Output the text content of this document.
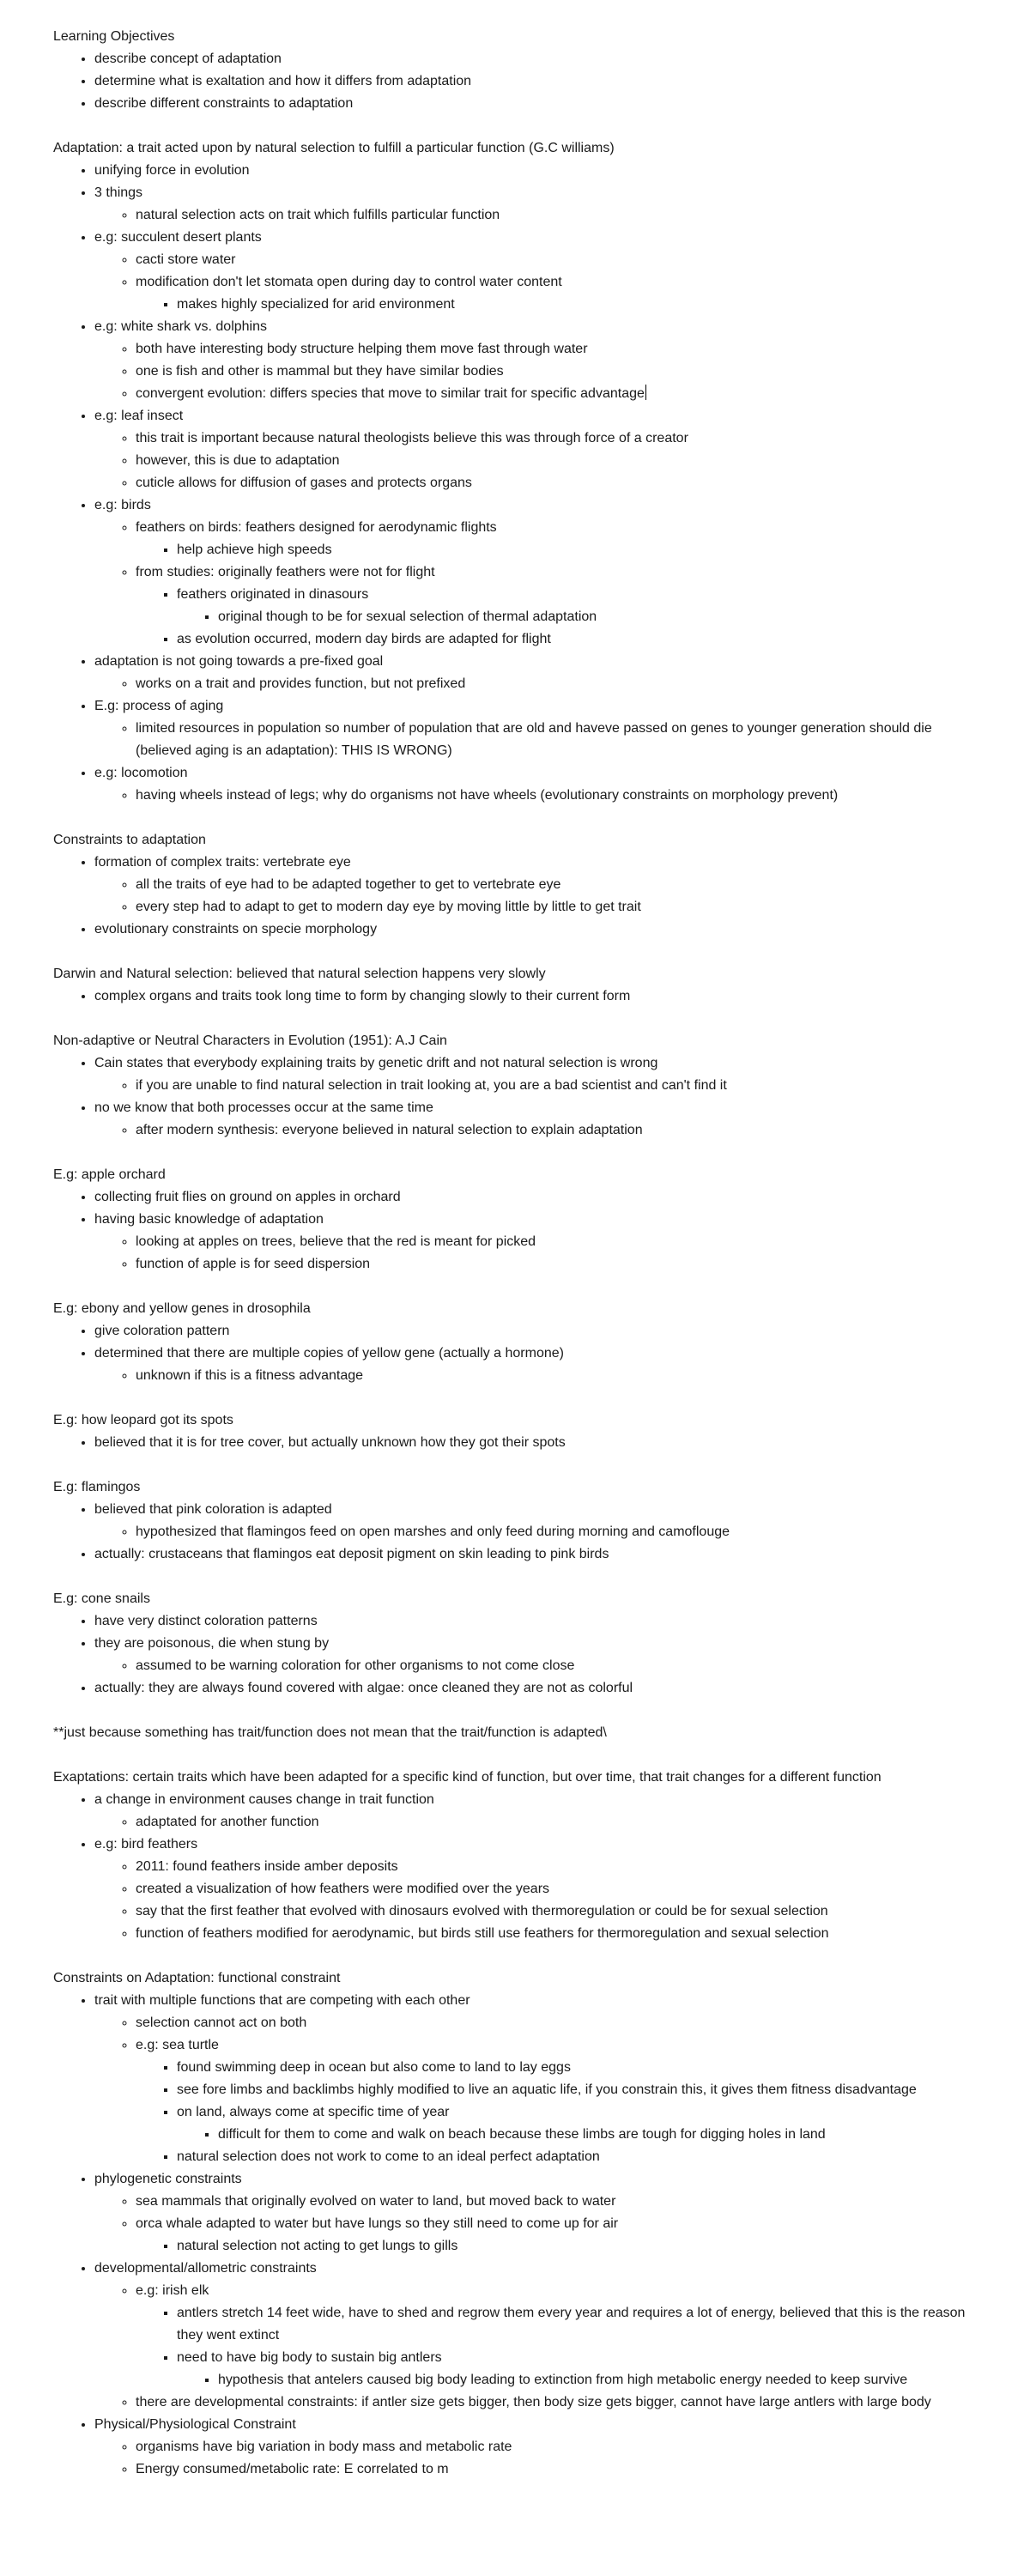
Learning Objectives
• describe concept of adaptation
• determine what is exaltation and how it differs from adaptation
• describe different constraints to adaptation
Adaptation: a trait acted upon by natural selection to fulfill a particular function (G.C williams)
• unifying force in evolution
• 3 things
◦ natural selection acts on trait which fulfills particular function
• e.g: succulent desert plants
◦ cacti store water
◦ modification don't let stomata open during day to control water content
▪ makes highly specialized for arid environment
• e.g: white shark vs. dolphins
◦ both have interesting body structure helping them move fast through water
◦ one is fish and other is mammal but they have similar bodies
◦ convergent evolution: differs species that move to similar trait for specific advantage
• e.g: leaf insect
◦ this trait is important because natural theologists believe this was through force of a creator
◦ however, this is due to adaptation
◦ cuticle allows for diffusion of gases and protects organs
• e.g: birds
◦ feathers on birds: feathers designed for aerodynamic flights
▪ help achieve high speeds
◦ from studies: originally feathers were not for flight
▪ feathers originated in dinasours
▪ original though to be for sexual selection of thermal adaptation
▪ as evolution occurred, modern day birds are adapted for flight
• adaptation is not going towards a pre-fixed goal
◦ works on a trait and provides function, but not prefixed
• E.g: process of aging
◦ limited resources in population so number of population that are old and haveve passed on genes to younger generation should die (believed aging is an adaptation): THIS IS WRONG)
• e.g: locomotion
◦ having wheels instead of legs; why do organisms not have wheels (evolutionary constraints on morphology prevent)
Constraints to adaptation
• formation of complex traits: vertebrate eye
◦ all the traits of eye had to be adapted together to get to vertebrate eye
◦ every step had to adapt to get to modern day eye by moving little by little to get trait
• evolutionary constraints on specie morphology
Darwin and Natural selection: believed that natural selection happens very slowly
• complex organs and traits took long time to form by changing slowly to their current form
Non-adaptive or Neutral Characters in Evolution (1951): A.J Cain
• Cain states that everybody explaining traits by genetic drift and not natural selection is wrong
◦ if you are unable to find natural selection in trait looking at, you are a bad scientist and can't find it
• no we know that both processes occur at the same time
◦ after modern synthesis: everyone believed in natural selection to explain adaptation
E.g: apple orchard
• collecting fruit flies on ground on apples in orchard
• having basic knowledge of adaptation
◦ looking at apples on trees, believe that the red is meant for picked
◦ function of apple is for seed dispersion
E.g: ebony and yellow genes in drosophila
• give coloration pattern
• determined that there are multiple copies of yellow gene (actually a hormone)
◦ unknown if this is a fitness advantage
E.g: how leopard got its spots
• believed that it is for tree cover, but actually unknown how they got their spots
E.g: flamingos
• believed that pink coloration is adapted
◦ hypothesized that flamingos feed on open marshes and only feed during morning and camoflouge
• actually: crustaceans that flamingos eat deposit pigment on skin leading to pink birds
E.g: cone snails
• have very distinct coloration patterns
• they are poisonous, die when stung by
◦ assumed to be warning coloration for other organisms to not come close
• actually: they are always found covered with algae: once cleaned they are not as colorful
**just because something has trait/function does not mean that the trait/function is adapted\
Exaptations: certain traits which have been adapted for a specific kind of function, but over time, that trait changes for a different function
• a change in environment causes change in trait function
◦ adaptated for another function
• e.g: bird feathers
◦ 2011: found feathers inside amber deposits
◦ created a visualization of how feathers were modified over the years
◦ say that the first feather that evolved with dinosaurs evolved with thermoregulation or could be for sexual selection
◦ function of feathers modified for aerodynamic, but birds still use feathers for thermoregulation and sexual selection
Constraints on Adaptation: functional constraint
• trait with multiple functions that are competing with each other
◦ selection cannot act on both
◦ e.g: sea turtle
▪ found swimming deep in ocean but also come to land to lay eggs
▪ see fore limbs and backlimbs highly modified to live an aquatic life, if you constrain this, it gives them fitness disadvantage
▪ on land, always come at specific time of year
▪ difficult for them to come and walk on beach because these limbs are tough for digging holes in land
▪ natural selection does not work to come to an ideal perfect adaptation
• phylogenetic constraints
◦ sea mammals that originally evolved on water to land, but moved back to water
◦ orca whale adapted to water but have lungs so they still need to come up for air
▪ natural selection not acting to get lungs to gills
• developmental/allometric constraints
◦ e.g: irish elk
▪ antlers stretch 14 feet wide, have to shed and regrow them every year and requires a lot of energy, believed that this is the reason they went extinct
▪ need to have big body to sustain big antlers
▪ hypothesis that antelers caused big body leading to extinction from high metabolic energy needed to keep survive
◦ there are developmental constraints: if antler size gets bigger, then body size gets bigger, cannot have large antlers with large body
• Physical/Physiological Constraint
◦ organisms have big variation in body mass and metabolic rate
◦ Energy consumed/metabolic rate: E correlated to m
